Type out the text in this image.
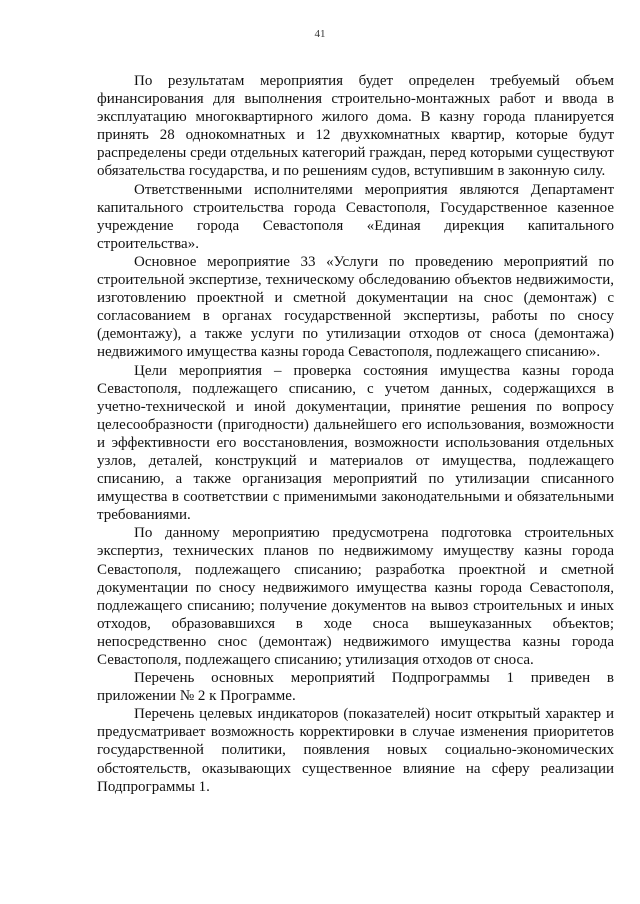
41

По результатам мероприятия будет определен требуемый объем финансирования для выполнения строительно-монтажных работ и ввода в эксплуатацию многоквартирного жилого дома. В казну города планируется принять 28 однокомнатных и 12 двухкомнатных квартир, которые будут распределены среди отдельных категорий граждан, перед которыми существуют обязательства государства, и по решениям судов, вступившим в законную силу.

Ответственными исполнителями мероприятия являются Департамент капитального строительства города Севастополя, Государственное казенное учреждение города Севастополя «Единая дирекция капитального строительства».

Основное мероприятие 33 «Услуги по проведению мероприятий по строительной экспертизе, техническому обследованию объектов недвижимости, изготовлению проектной и сметной документации на снос (демонтаж) с согласованием в органах государственной экспертизы, работы по сносу (демонтажу), а также услуги по утилизации отходов от сноса (демонтажа) недвижимого имущества казны города Севастополя, подлежащего списанию».

Цели мероприятия – проверка состояния имущества казны города Севастополя, подлежащего списанию, с учетом данных, содержащихся в учетно-технической и иной документации, принятие решения по вопросу целесообразности (пригодности) дальнейшего его использования, возможности и эффективности его восстановления, возможности использования отдельных узлов, деталей, конструкций и материалов от имущества, подлежащего списанию, а также организация мероприятий по утилизации списанного имущества в соответствии с применимыми законодательными и обязательными требованиями.

По данному мероприятию предусмотрена подготовка строительных экспертиз, технических планов по недвижимому имуществу казны города Севастополя, подлежащего списанию; разработка проектной и сметной документации по сносу недвижимого имущества казны города Севастополя, подлежащего списанию; получение документов на вывоз строительных и иных отходов, образовавшихся в ходе сноса вышеуказанных объектов; непосредственно снос (демонтаж) недвижимого имущества казны города Севастополя, подлежащего списанию; утилизация отходов от сноса.

Перечень основных мероприятий Подпрограммы 1 приведен в приложении № 2 к Программе.

Перечень целевых индикаторов (показателей) носит открытый характер и предусматривает возможность корректировки в случае изменения приоритетов государственной политики, появления новых социально-экономических обстоятельств, оказывающих существенное влияние на сферу реализации Подпрограммы 1.
